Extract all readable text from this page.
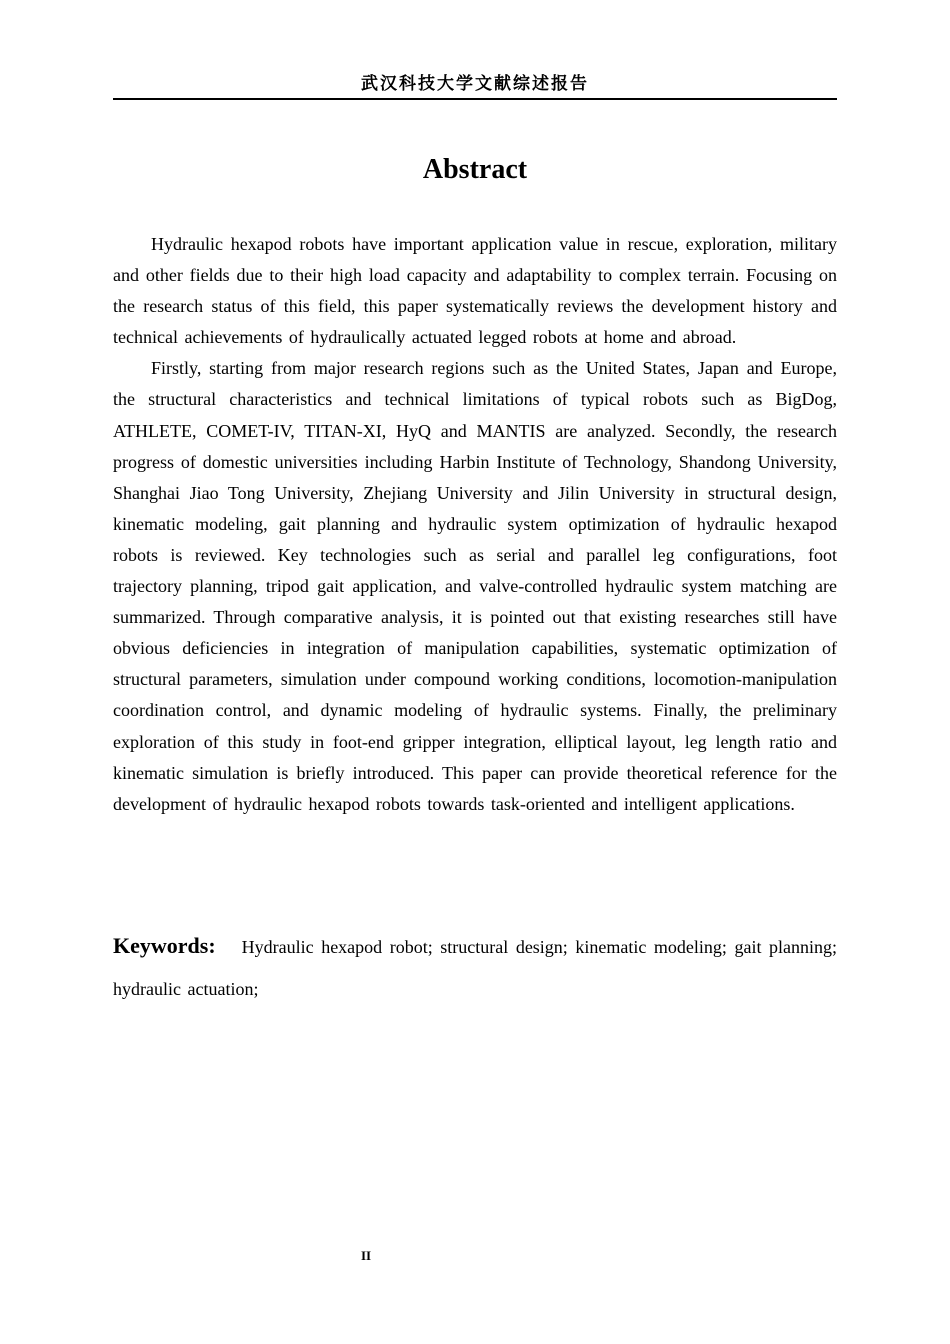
武汉科技大学文献综述报告
Abstract

Hydraulic hexapod robots have important application value in rescue, exploration, military and other fields due to their high load capacity and adaptability to complex terrain. Focusing on the research status of this field, this paper systematically reviews the development history and technical achievements of hydraulically actuated legged robots at home and abroad.

Firstly, starting from major research regions such as the United States, Japan and Europe, the structural characteristics and technical limitations of typical robots such as BigDog, ATHLETE, COMET-IV, TITAN-XI, HyQ and MANTIS are analyzed. Secondly, the research progress of domestic universities including Harbin Institute of Technology, Shandong University, Shanghai Jiao Tong University, Zhejiang University and Jilin University in structural design, kinematic modeling, gait planning and hydraulic system optimization of hydraulic hexapod robots is reviewed. Key technologies such as serial and parallel leg configurations, foot trajectory planning, tripod gait application, and valve-controlled hydraulic system matching are summarized. Through comparative analysis, it is pointed out that existing researches still have obvious deficiencies in integration of manipulation capabilities, systematic optimization of structural parameters, simulation under compound working conditions, locomotion-manipulation coordination control, and dynamic modeling of hydraulic systems. Finally, the preliminary exploration of this study in foot-end gripper integration, elliptical layout, leg length ratio and kinematic simulation is briefly introduced. This paper can provide theoretical reference for the development of hydraulic hexapod robots towards task-oriented and intelligent applications.

Keywords: Hydraulic hexapod robot; structural design; kinematic modeling; gait planning; hydraulic actuation;
II
